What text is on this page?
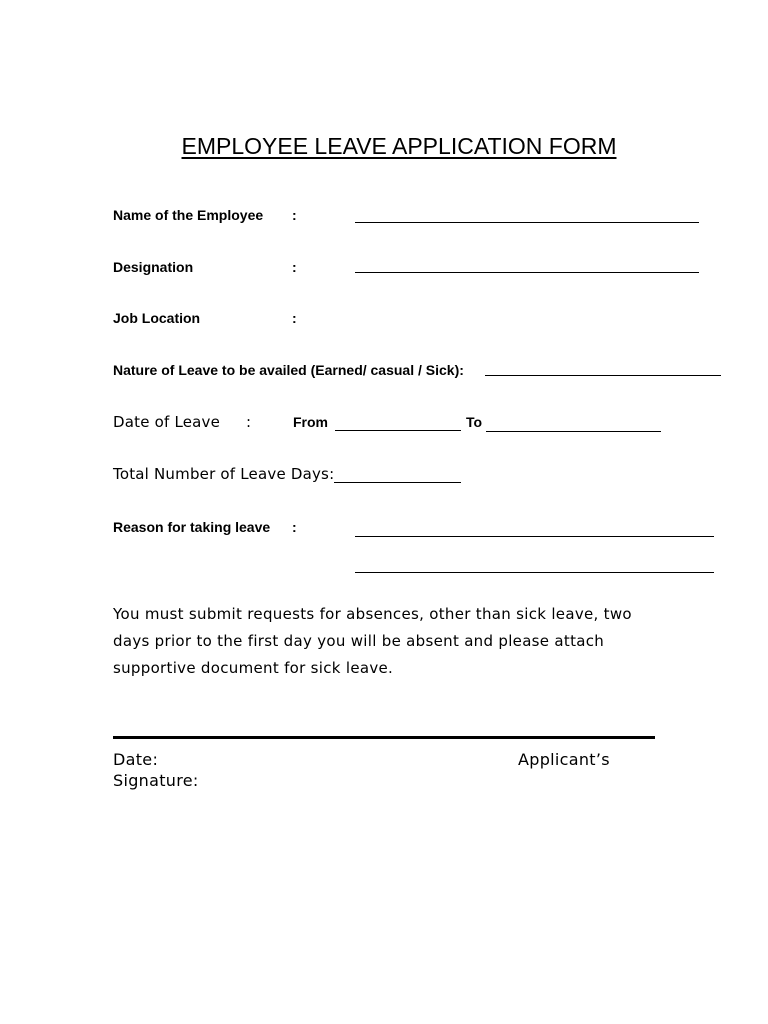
EMPLOYEE LEAVE APPLICATION FORM
Name of the Employee :
Designation	:
Job Location	:
Nature of Leave to be availed (Earned/ casual / Sick):
Date of Leave :	From	To
Total Number of Leave Days:
Reason for taking leave :
You must submit requests for absences, other than sick leave, two days prior to the first day you will be absent and please attach supportive document for sick leave.
Date:	Applicant’s
Signature:
